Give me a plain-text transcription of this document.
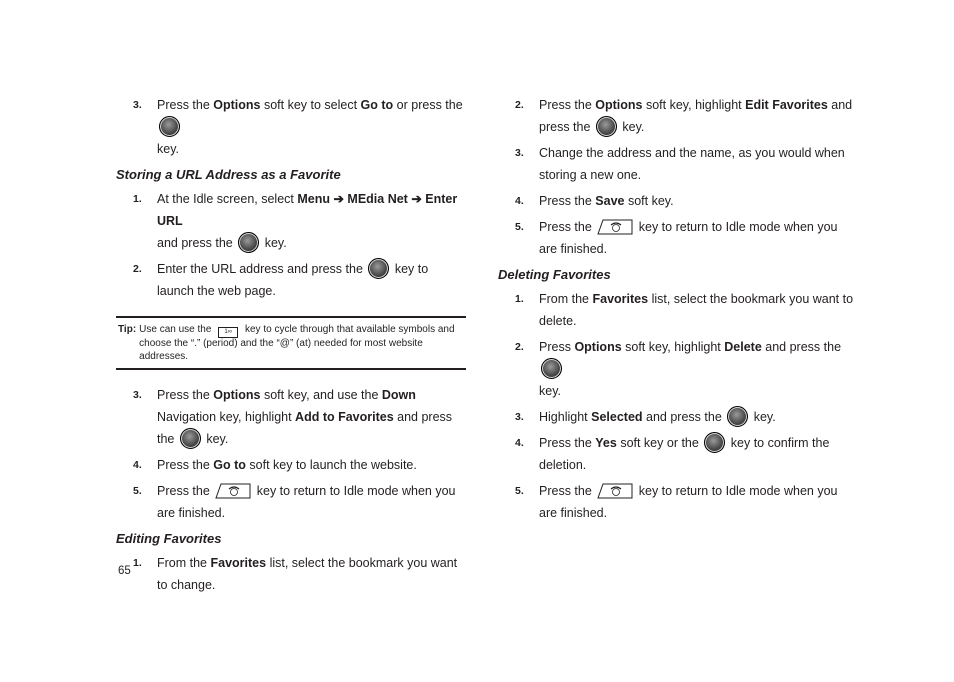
3.	Press the Options soft key to select Go to or press the
key.
Storing a URL Address as a Favorite
1.	At the Idle screen, select Menu ➔ MEdia Net ➔ Enter URL
and press the  key.
2.	Enter the URL address and press the  key to launch the web page.
Tip: Use can use the 1∞ key to cycle through that available symbols and choose the “.” (period) and the “@” (at) needed for most website addresses.
3.	Press the Options soft key, and use the Down Navigation key, highlight Add to Favorites and press the  key.
4.	Press the Go to soft key to launch the website.
5.	Press the	key to return to Idle mode when you are finished.
Editing Favorites
1.	From the Favorites list, select the bookmark you want to change.
2.	Press the Options soft key, highlight Edit Favorites and press the  key.
3.	Change the address and the name, as you would when storing a new one.
4.	Press the Save soft key.
5.	Press the	key to return to Idle mode when you are finished.
Deleting Favorites
1.	From the Favorites list, select the bookmark you want to delete.
2.	Press Options soft key, highlight Delete and press the
key.
3.	Highlight Selected and press the  key.
4.	Press the Yes soft key or the  key to confirm the deletion.
5.	Press the	key to return to Idle mode when you are finished.
65
